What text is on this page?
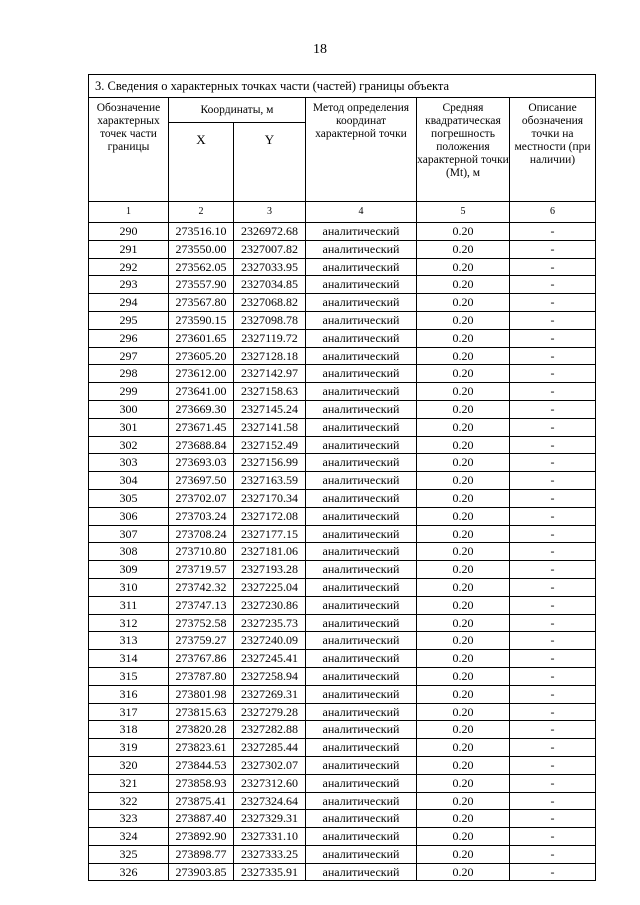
18
3. Сведения о характерных точках части (частей) границы объекта					
Обозначение характерных точек части границы	Координаты, м		Метод определения координат характерной точки	Средняя квадратическая погрешность положения характерной точки (Mt), м	Описание обозначения точки на местности (при наличии)
	X	Y			
1	2	3	4	5	6
290	273516.10	2326972.68	аналитический	0.20	-
291	273550.00	2327007.82	аналитический	0.20	-
292	273562.05	2327033.95	аналитический	0.20	-
293	273557.90	2327034.85	аналитический	0.20	-
294	273567.80	2327068.82	аналитический	0.20	-
295	273590.15	2327098.78	аналитический	0.20	-
296	273601.65	2327119.72	аналитический	0.20	-
297	273605.20	2327128.18	аналитический	0.20	-
298	273612.00	2327142.97	аналитический	0.20	-
299	273641.00	2327158.63	аналитический	0.20	-
300	273669.30	2327145.24	аналитический	0.20	-
301	273671.45	2327141.58	аналитический	0.20	-
302	273688.84	2327152.49	аналитический	0.20	-
303	273693.03	2327156.99	аналитический	0.20	-
304	273697.50	2327163.59	аналитический	0.20	-
305	273702.07	2327170.34	аналитический	0.20	-
306	273703.24	2327172.08	аналитический	0.20	-
307	273708.24	2327177.15	аналитический	0.20	-
308	273710.80	2327181.06	аналитический	0.20	-
309	273719.57	2327193.28	аналитический	0.20	-
310	273742.32	2327225.04	аналитический	0.20	-
311	273747.13	2327230.86	аналитический	0.20	-
312	273752.58	2327235.73	аналитический	0.20	-
313	273759.27	2327240.09	аналитический	0.20	-
314	273767.86	2327245.41	аналитический	0.20	-
315	273787.80	2327258.94	аналитический	0.20	-
316	273801.98	2327269.31	аналитический	0.20	-
317	273815.63	2327279.28	аналитический	0.20	-
318	273820.28	2327282.88	аналитический	0.20	-
319	273823.61	2327285.44	аналитический	0.20	-
320	273844.53	2327302.07	аналитический	0.20	-
321	273858.93	2327312.60	аналитический	0.20	-
322	273875.41	2327324.64	аналитический	0.20	-
323	273887.40	2327329.31	аналитический	0.20	-
324	273892.90	2327331.10	аналитический	0.20	-
325	273898.77	2327333.25	аналитический	0.20	-
326	273903.85	2327335.91	аналитический	0.20	-
